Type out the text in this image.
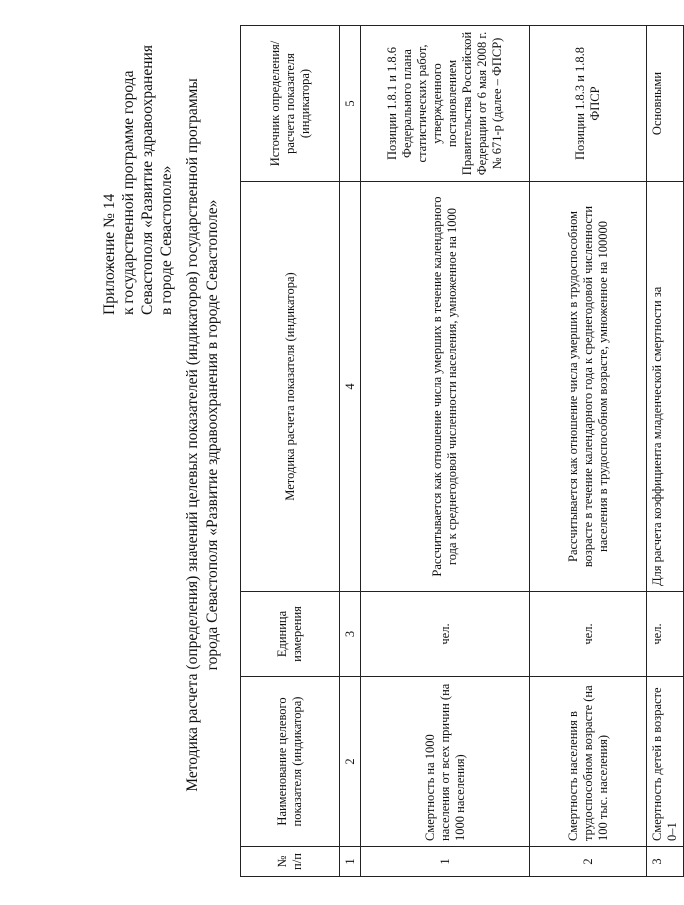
Приложение № 14 к государственной программе города Севастополя «Развитие здравоохранения в городе Севастополе» Методика расчета (определения) значений целевых показателей (индикаторов) государственной программы города Севастополя «Развитие здравоохранения в городе Севастополе»
№ п/п	Наименование целевого показателя (индикатора)	Единица измерения	Методика расчета показателя (индикатора)	Источник определения/ расчета показателя (индикатора)
1	2	3	4	5
1	Смертность на 1000 населения от всех причин (на 1000 населения)	чел.	Рассчитывается как отношение числа умерших в течение календарного года к среднегодовой численности населения, умноженное на 1000	Позиции 1.8.1 и 1.8.6 Федерального плана статистических работ, утвержденного постановлением Правительства Российской Федерации от 6 мая 2008 г. № 671-р (далее – ФПСР)
2	Смертность населения в трудоспособном возрасте (на 100 тыс. населения)	чел.	Рассчитывается как отношение числа умерших в трудоспособном возрасте в течение календарного года к среднегодовой численности населения в трудоспособном возрасте, умноженное на 100000	Позиции 1.8.3 и 1.8.8 ФПСР
3	Смертность детей в возрасте 0–1	чел.	Для расчета коэффициента младенческой смертности за	Основными
